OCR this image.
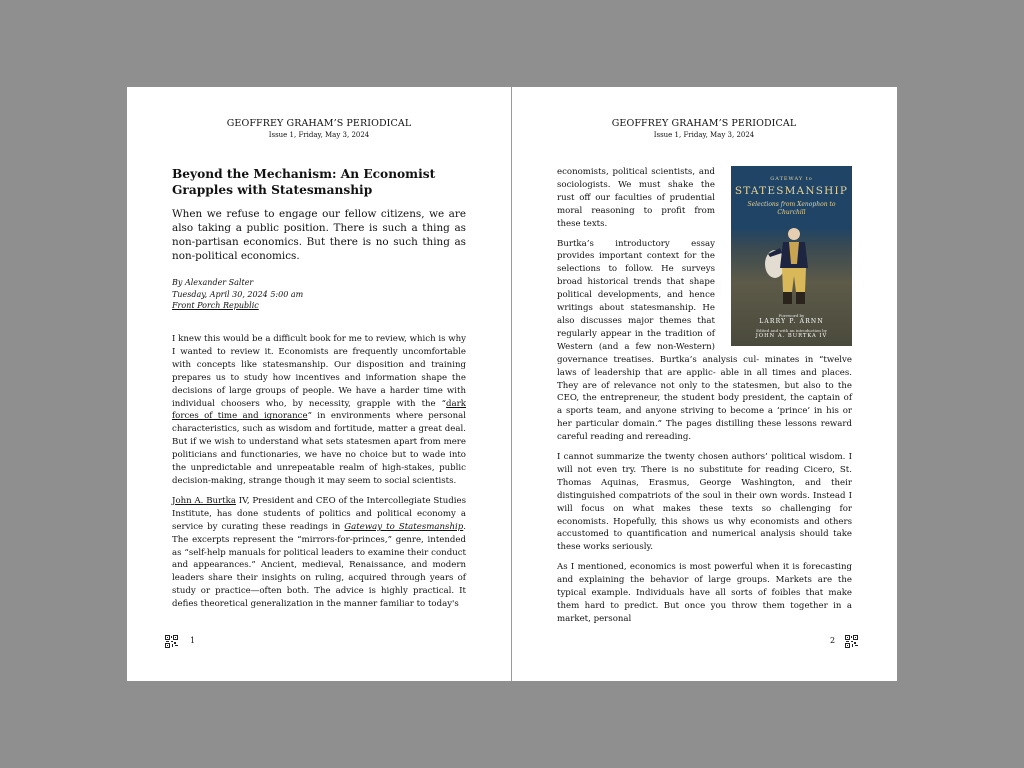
GEOFFREY GRAHAM’S PERIODICAL
Issue 1, Friday, May 3, 2024
Beyond the Mechanism: An Economist Grapples with Statesmanship
When we refuse to engage our fellow citizens, we are also taking a public position. There is such a thing as non-partisan economics. But there is no such thing as non-political economics.
By Alexander Salter
Tuesday, April 30, 2024 5:00 am
Front Porch Republic

I knew this would be a difficult book for me to review, which is why I wanted to review it. Economists are frequently uncomfortable with concepts like statesmanship. Our disposition and training prepares us to study how incentives and information shape the decisions of large groups of people. We have a harder time with individual choosers who, by necessity, grapple with the “dark forces of time and ignorance” in environments where personal characteristics, such as wisdom and fortitude, matter a great deal. But if we wish to understand what sets statesmen apart from mere politicians and functionaries, we have no choice but to wade into the unpredictable and unrepeatable realm of high-stakes, public decision-making, strange though it may seem to social scientists.

John A. Burtka IV, President and CEO of the Intercollegiate Studies Institute, has done students of politics and political economy a service by curating these readings in Gateway to Statesmanship. The excerpts represent the “mirrors-for-princes,” genre, intended as “self-help manuals for political leaders to examine their conduct and appearances.” Ancient, medieval, Renaissance, and modern leaders share their insights on ruling, acquired through years of study or practice—often both. The advice is highly practical. It defies theoretical generalization in the manner familiar to today's

1
GEOFFREY GRAHAM’S PERIODICAL
Issue 1, Friday, May 3, 2024
GATEWAY to
STATESMANSHIP
Selections from Xenophon to Churchill
Foreword by
LARRY P. ARNN
Edited and with an introduction by
JOHN A. BURTKA IV

economists, political scientists, and sociologists. We must shake the rust off our faculties of prudential moral reasoning to profit from these texts.

Burtka’s introductory essay provides important context for the selections to follow. He surveys broad historical trends that shape political developments, and hence writings about statesmanship. He also discusses major themes that regularly appear in the tradition of Western (and a few non-Western) governance treatises. Burtka’s analysis cul- minates in “twelve laws of leadership that are applic- able in all times and places. They are of relevance not only to the statesmen, but also to the CEO, the entrepreneur, the student body president, the captain of a sports team, and anyone striving to become a ‘prince’ in his or her particular domain.” The pages distilling these lessons reward careful reading and rereading.

I cannot summarize the twenty chosen authors’ political wisdom. I will not even try. There is no substitute for reading Cicero, St. Thomas Aquinas, Erasmus, George Washington, and their distinguished compatriots of the soul in their own words. Instead I will focus on what makes these texts so challenging for economists. Hopefully, this shows us why economists and others accustomed to quantification and numerical analysis should take these works seriously.

As I mentioned, economics is most powerful when it is forecasting and explaining the behavior of large groups. Markets are the typical example. Individuals have all sorts of foibles that make them hard to predict. But once you throw them together in a market, personal

2
